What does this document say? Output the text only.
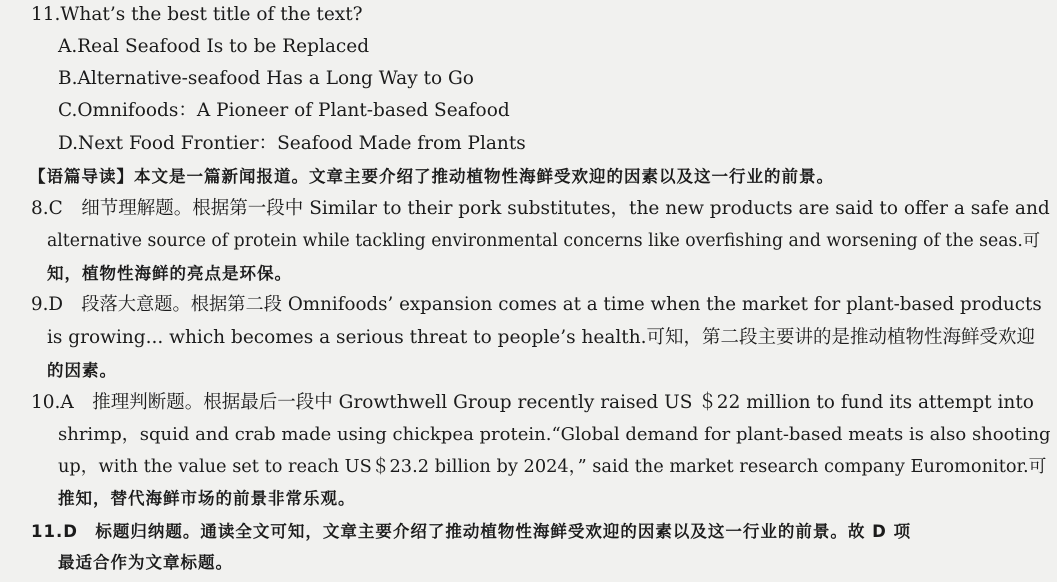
11.What’s the best title of the text?
A.Real Seafood Is to be Replaced
B.Alternative-seafood Has a Long Way to Go
C.Omnifoods：A Pioneer of Plant-based Seafood
D.Next Food Frontier：Seafood Made from Plants
【语篇导读】本文是一篇新闻报道。文章主要介绍了推动植物性海鲜受欢迎的因素以及这一行业的前景。
8.C　细节理解题。根据第一段中 Similar to their pork substitutes，the new products are said to offer a safe and
alternative source of protein while tackling environmental concerns like overfishing and worsening of the seas.可
知，植物性海鲜的亮点是环保。
9.D　段落大意题。根据第二段 Omnifoods’ expansion comes at a time when the market for plant-based products
is growing... which becomes a serious threat to people’s health.可知，第二段主要讲的是推动植物性海鲜受欢迎
的因素。
10.A　推理判断题。根据最后一段中 Growthwell Group recently raised US ＄22 million to fund its attempt into
shrimp，squid and crab made using chickpea protein.“Global demand for plant-based meats is also shooting
up，with the value set to reach US＄23.2 billion by 2024，” said the market research company Euromonitor.可
推知，替代海鲜市场的前景非常乐观。
11.D　标题归纳题。通读全文可知，文章主要介绍了推动植物性海鲜受欢迎的因素以及这一行业的前景。故 D 项
最适合作为文章标题。
